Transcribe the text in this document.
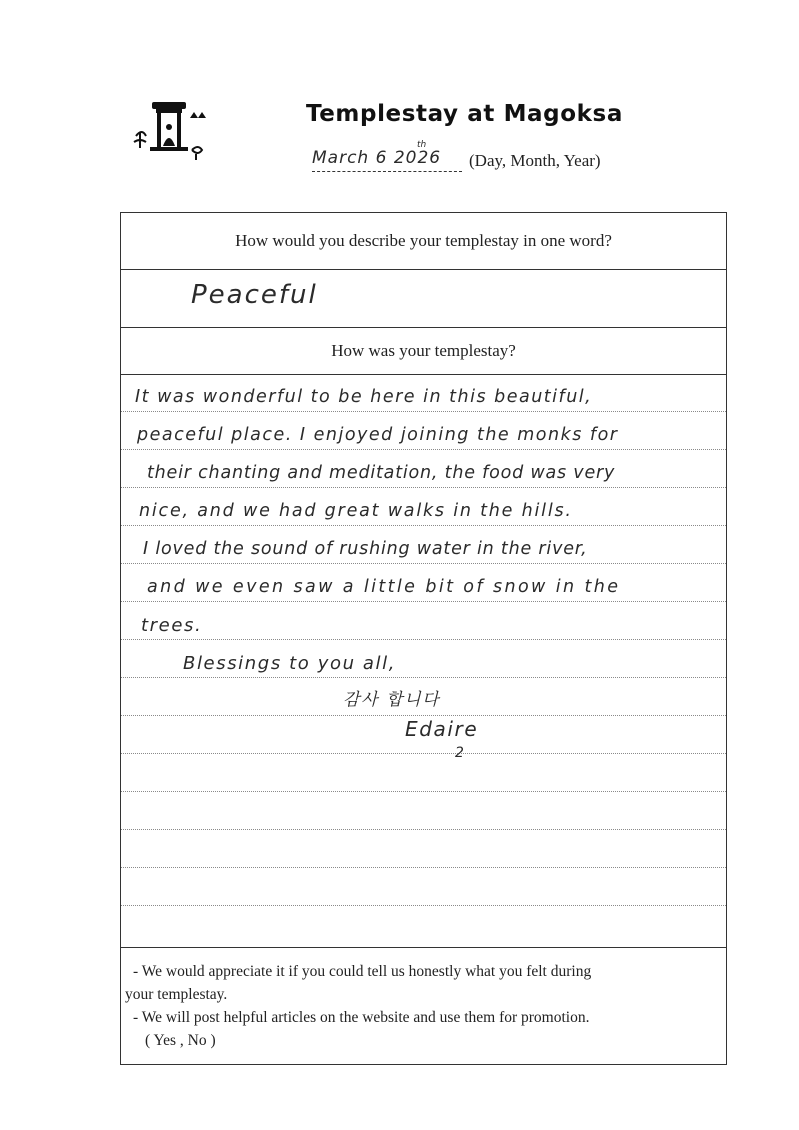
Templestay at Magoksa
March 6 2026
th
(Day, Month, Year)
How would you describe your templestay in one word?
Peaceful
How was your templestay?
It was wonderful to be here in this beautiful,
peaceful place. I enjoyed joining the monks for
their chanting and meditation, the food was very
nice, and we had great walks in the hills.
I loved the sound of rushing water in the river,
and we even saw a little bit of snow in the
trees.
Blessings to you all,
감사 합니다
Edaire
2

- We would appreciate it if you could tell us honestly what you felt during

your templestay.

- We will post helpful articles on the website and use them for promotion.

( Yes , No )
